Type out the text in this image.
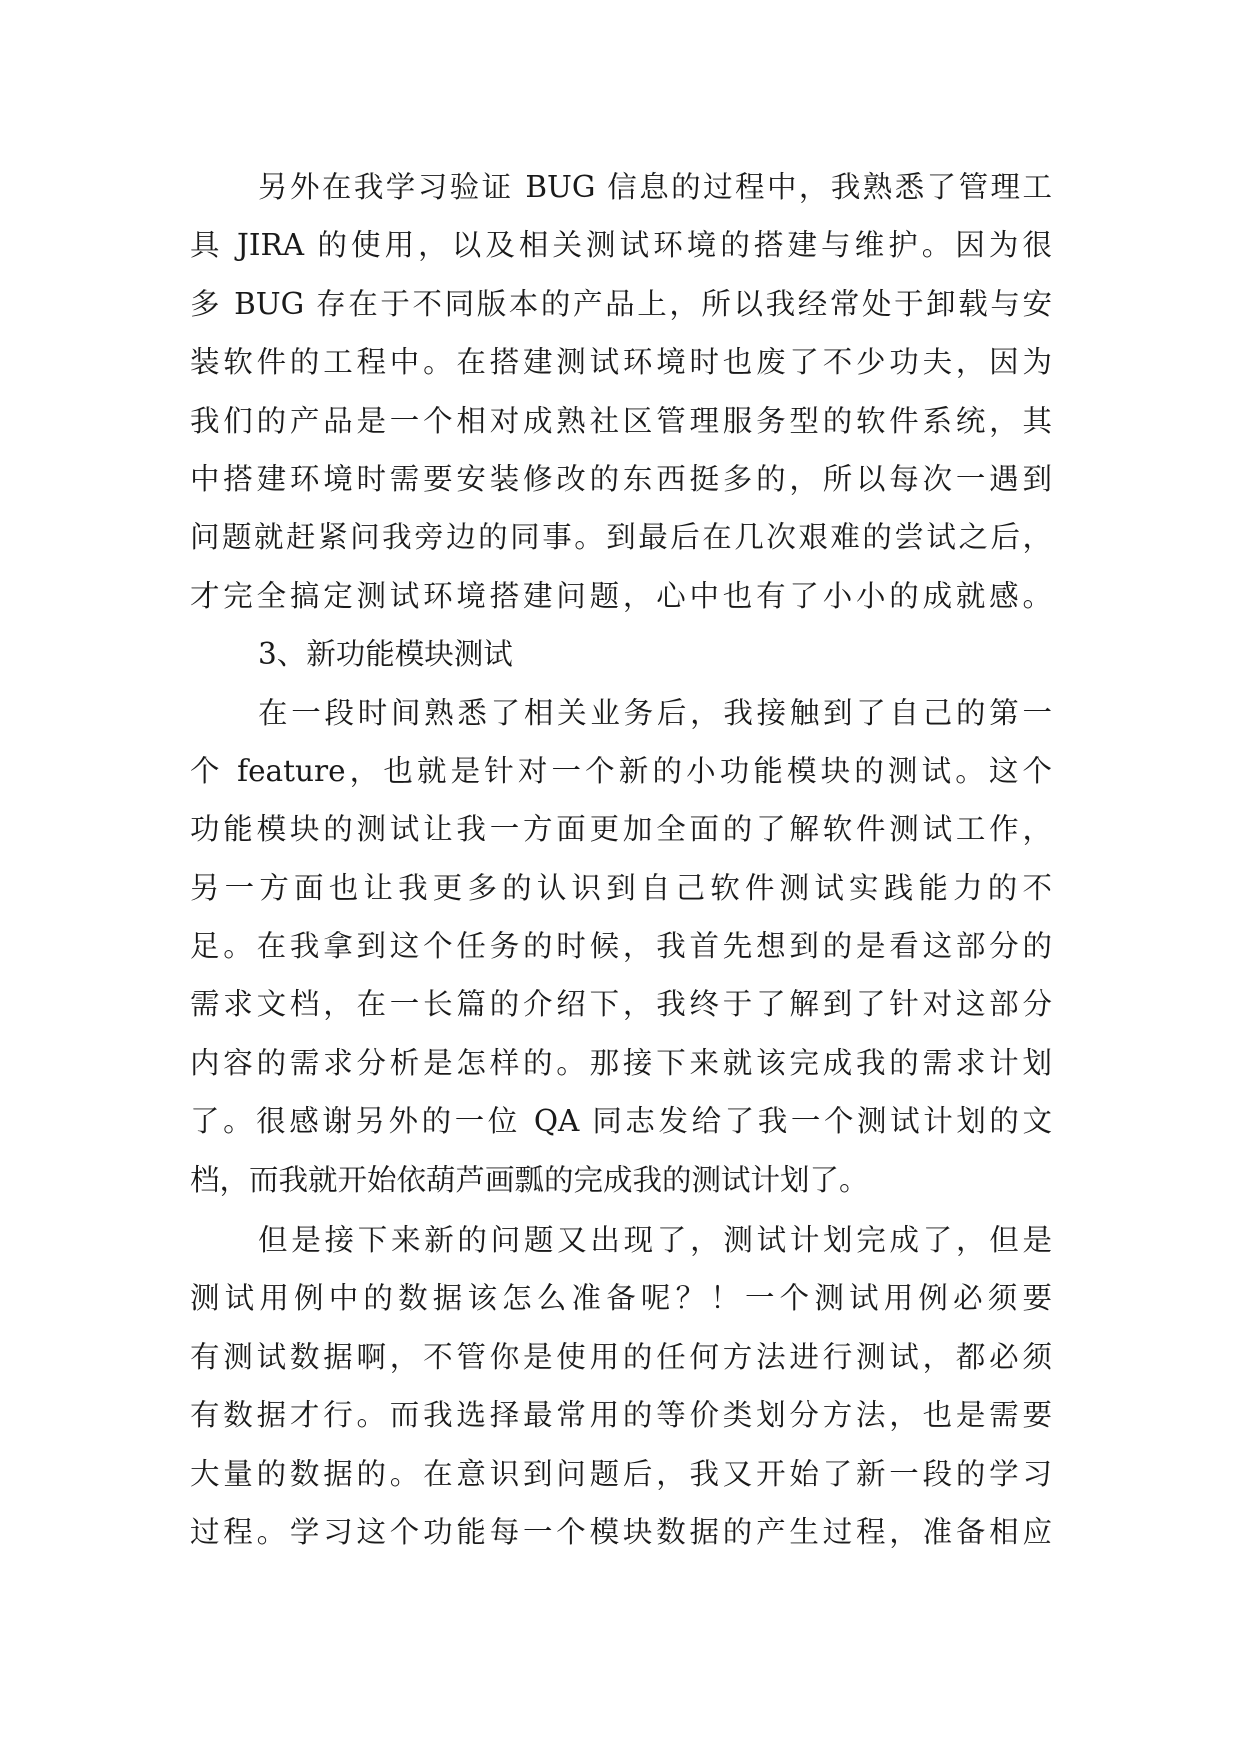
另外在我学习验证 BUG 信息的过程中，我熟悉了管理工
具 JIRA 的使用，以及相关测试环境的搭建与维护。因为很
多 BUG 存在于不同版本的产品上，所以我经常处于卸载与安
装软件的工程中。在搭建测试环境时也废了不少功夫，因为
我们的产品是一个相对成熟社区管理服务型的软件系统，其
中搭建环境时需要安装修改的东西挺多的，所以每次一遇到
问题就赶紧问我旁边的同事。到最后在几次艰难的尝试之后，
才完全搞定测试环境搭建问题，心中也有了小小的成就感。
3、新功能模块测试
在一段时间熟悉了相关业务后，我接触到了自己的第一
个 feature，也就是针对一个新的小功能模块的测试。这个
功能模块的测试让我一方面更加全面的了解软件测试工作，
另一方面也让我更多的认识到自己软件测试实践能力的不
足。在我拿到这个任务的时候，我首先想到的是看这部分的
需求文档，在一长篇的介绍下，我终于了解到了针对这部分
内容的需求分析是怎样的。那接下来就该完成我的需求计划
了。很感谢另外的一位 QA 同志发给了我一个测试计划的文
档，而我就开始依葫芦画瓢的完成我的测试计划了。
但是接下来新的问题又出现了，测试计划完成了，但是
测试用例中的数据该怎么准备呢？！一个测试用例必须要
有测试数据啊，不管你是使用的任何方法进行测试，都必须
有数据才行。而我选择最常用的等价类划分方法，也是需要
大量的数据的。在意识到问题后，我又开始了新一段的学习
过程。学习这个功能每一个模块数据的产生过程，准备相应
